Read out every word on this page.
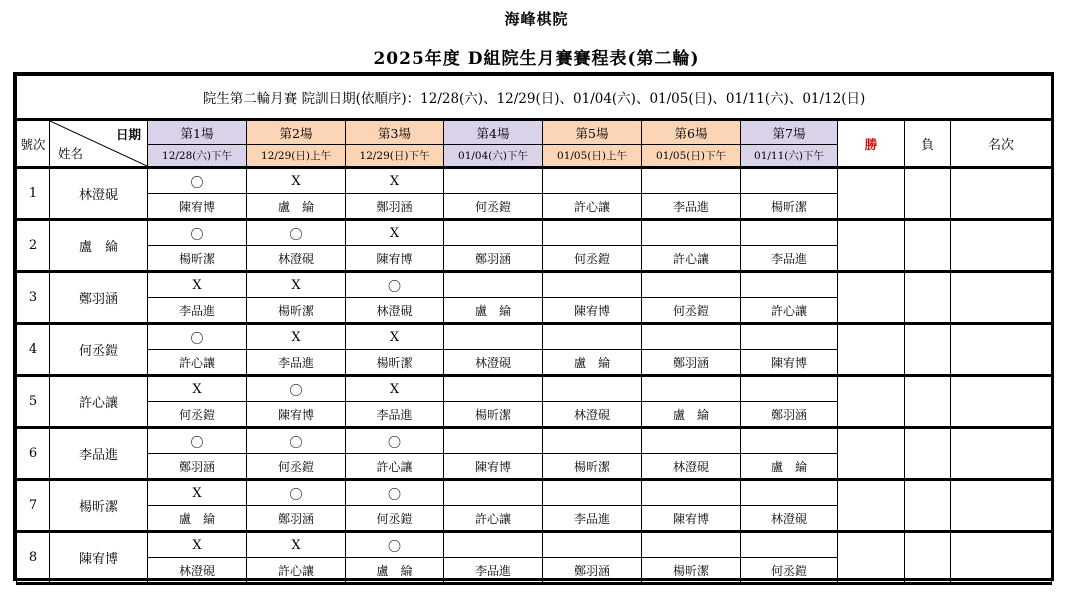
海峰棋院
2025年度 D組院生月賽賽程表(第二輪)
院生第二輪月賽 院訓日期(依順序)：12/28(六)、12/29(日)、01/04(六)、01/05(日)、01/11(六)、01/12(日)											
號次	日期
姓名	第1場	第2場	第3場	第4場	第5場	第6場	第7場	勝	負	名次
		12/28(六)下午	12/29(日)上午	12/29(日)下午	01/04(六)下午	01/05(日)上午	01/05(日)下午	01/11(六)下午			
1	林澄硯	〇	X	X							
		陳宥博	盧　綸	鄭羽涵	何丞鎧	許心讓	李品進	楊昕潔			
2	盧　綸	〇	〇	X							
		楊昕潔	林澄硯	陳宥博	鄭羽涵	何丞鎧	許心讓	李品進			
3	鄭羽涵	X	X	〇							
		李品進	楊昕潔	林澄硯	盧　綸	陳宥博	何丞鎧	許心讓			
4	何丞鎧	〇	X	X							
		許心讓	李品進	楊昕潔	林澄硯	盧　綸	鄭羽涵	陳宥博			
5	許心讓	X	〇	X							
		何丞鎧	陳宥博	李品進	楊昕潔	林澄硯	盧　綸	鄭羽涵			
6	李品進	〇	〇	〇							
		鄭羽涵	何丞鎧	許心讓	陳宥博	楊昕潔	林澄硯	盧　綸			
7	楊昕潔	X	〇	〇							
		盧　綸	鄭羽涵	何丞鎧	許心讓	李品進	陳宥博	林澄硯			
8	陳宥博	X	X	〇							
		林澄硯	許心讓	盧　綸	李品進	鄭羽涵	楊昕潔	何丞鎧			
